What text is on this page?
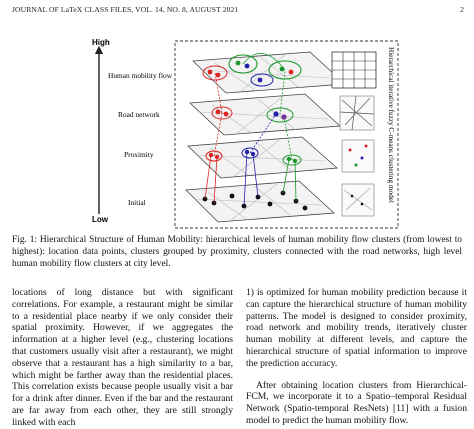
JOURNAL OF LaTeX CLASS FILES, VOL. 14, NO. 8, AUGUST 2021	2
High
Low
Human mobility flow
Road network
Proximity
Initial	Hierarchical iterative fuzzy C-means clustering model
Fig. 1: Hierarchical Structure of Human Mobility: hierarchical levels of human mobility flow clusters (from lowest to highest): location data points, clusters grouped by proximity, clusters connected with the road networks, high level human mobility flow clusters at city level.

locations of long distance but with significant correlations. For example, a restaurant might be similar to a residential place nearby if we only consider their spatial proximity. However, if we aggregates the information at a higher level (e.g., clustering locations that customers usually visit after a restaurant), we might observe that a restaurant has a high similarity to a bar, which might be farther away than the residential places. This correlation exists because people usually visit a bar for a drink after dinner. Even if the bar and the restaurant are far away from each other, they are still strongly linked with each

1) is optimized for human mobility prediction because it can capture the hierarchical structure of human mobility patterns. The model is designed to consider proximity, road network and mobility trends, iteratively cluster human mobility at different levels, and capture the hierarchical structure of spatial information to improve the prediction accuracy.

After obtaining location clusters from Hierarchical-FCM, we incorporate it to a Spatio–temporal Residual Network (Spatio-temporal ResNets) [11] with a fusion model to predict the human mobility flow.
